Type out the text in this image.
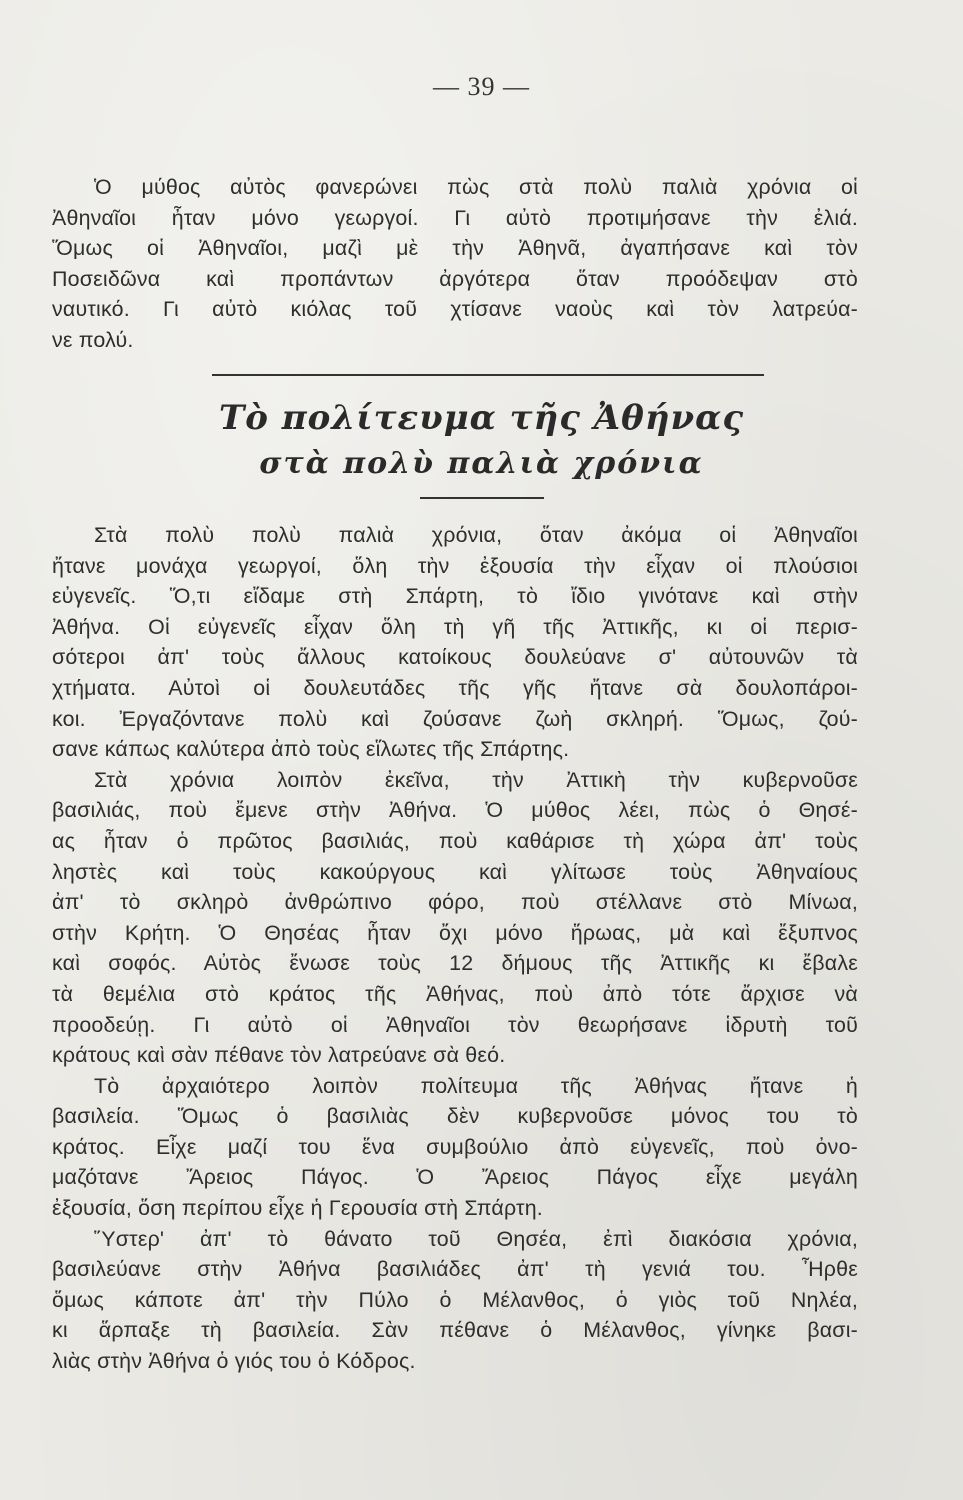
— 39 —

Ὁ μύθος αὐτὸς φανερώνει πὼς στὰ πολὺ παλιὰ χρόνια οἱ
Ἀθηναῖοι ἦταν μόνο γεωργοί. Γι αὐτὸ προτιμήσανε τὴν ἐλιά.
Ὅμως οἱ Ἀθηναῖοι, μαζὶ μὲ τὴν Ἀθηνᾶ, ἀγαπήσανε καὶ τὸν
Ποσειδῶνα καὶ προπάντων ἀργότερα ὅταν προόδεψαν στὸ
ναυτικό. Γι αὐτὸ κιόλας τοῦ χτίσανε ναοὺς καὶ τὸν λατρεύα-
νε πολύ.

Τὸ πολίτευμα τῆς Ἀθήνας
στὰ πολὺ παλιὰ χρόνια

Στὰ πολὺ πολὺ παλιὰ χρόνια, ὅταν ἀκόμα οἱ Ἀθηναῖοι
ἤτανε μονάχα γεωργοί, ὅλη τὴν ἐξουσία τὴν εἶχαν οἱ πλούσιοι
εὐγενεῖς. Ὅ,τι εἴδαμε στὴ Σπάρτη, τὸ ἴδιο γινότανε καὶ στὴν
Ἀθήνα. Οἱ εὐγενεῖς εἶχαν ὅλη τὴ γῆ τῆς Ἀττικῆς, κι οἱ περισ-
σότεροι ἀπ' τοὺς ἄλλους κατοίκους δουλεύανε σ' αὐτουνῶν τὰ
χτήματα. Αὐτοὶ οἱ δουλευτάδες τῆς γῆς ἤτανε σὰ δουλοπάροι-
κοι. Ἐργαζόντανε πολὺ καὶ ζούσανε ζωὴ σκληρή. Ὅμως, ζού-
σανε κάπως καλύτερα ἀπὸ τοὺς εἵλωτες τῆς Σπάρτης.

Στὰ χρόνια λοιπὸν ἐκεῖνα, τὴν Ἀττικὴ τὴν κυβερνοῦσε
βασιλιάς, ποὺ ἔμενε στὴν Ἀθήνα. Ὁ μύθος λέει, πὼς ὁ Θησέ-
ας ἦταν ὁ πρῶτος βασιλιάς, ποὺ καθάρισε τὴ χώρα ἀπ' τοὺς
ληστὲς καὶ τοὺς κακούργους καὶ γλίτωσε τοὺς Ἀθηναίους
ἀπ' τὸ σκληρὸ ἀνθρώπινο φόρο, ποὺ στέλλανε στὸ Μίνωα,
στὴν Κρήτη. Ὁ Θησέας ἦταν ὄχι μόνο ἥρωας, μὰ καὶ ἔξυπνος
καὶ σοφός. Αὐτὸς ἔνωσε τοὺς 12 δήμους τῆς Ἀττικῆς κι ἔβαλε
τὰ θεμέλια στὸ κράτος τῆς Ἀθήνας, ποὺ ἀπὸ τότε ἄρχισε νὰ
προοδεύῃ. Γι αὐτὸ οἱ Ἀθηναῖοι τὸν θεωρήσανε ἱδρυτὴ τοῦ
κράτους καὶ σὰν πέθανε τὸν λατρεύανε σὰ θεό.

Τὸ ἀρχαιότερο λοιπὸν πολίτευμα τῆς Ἀθήνας ἤτανε ἡ
βασιλεία. Ὅμως ὁ βασιλιὰς δὲν κυβερνοῦσε μόνος του τὸ
κράτος. Εἶχε μαζί του ἕνα συμβούλιο ἀπὸ εὐγενεῖς, ποὺ ὀνο-
μαζότανε Ἄρειος Πάγος. Ὁ Ἄρειος Πάγος εἶχε μεγάλη
ἐξουσία, ὅση περίπου εἶχε ἡ Γερουσία στὴ Σπάρτη.

Ὕστερ' ἀπ' τὸ θάνατο τοῦ Θησέα, ἐπὶ διακόσια χρόνια,
βασιλεύανε στὴν Ἀθήνα βασιλιάδες ἀπ' τὴ γενιά του. Ἦρθε
ὅμως κάποτε ἀπ' τὴν Πύλο ὁ Μέλανθος, ὁ γιὸς τοῦ Νηλέα,
κι ἅρπαξε τὴ βασιλεία. Σὰν πέθανε ὁ Μέλανθος, γίνηκε βασι-
λιὰς στὴν Ἀθήνα ὁ γιός του ὁ Κόδρος.
